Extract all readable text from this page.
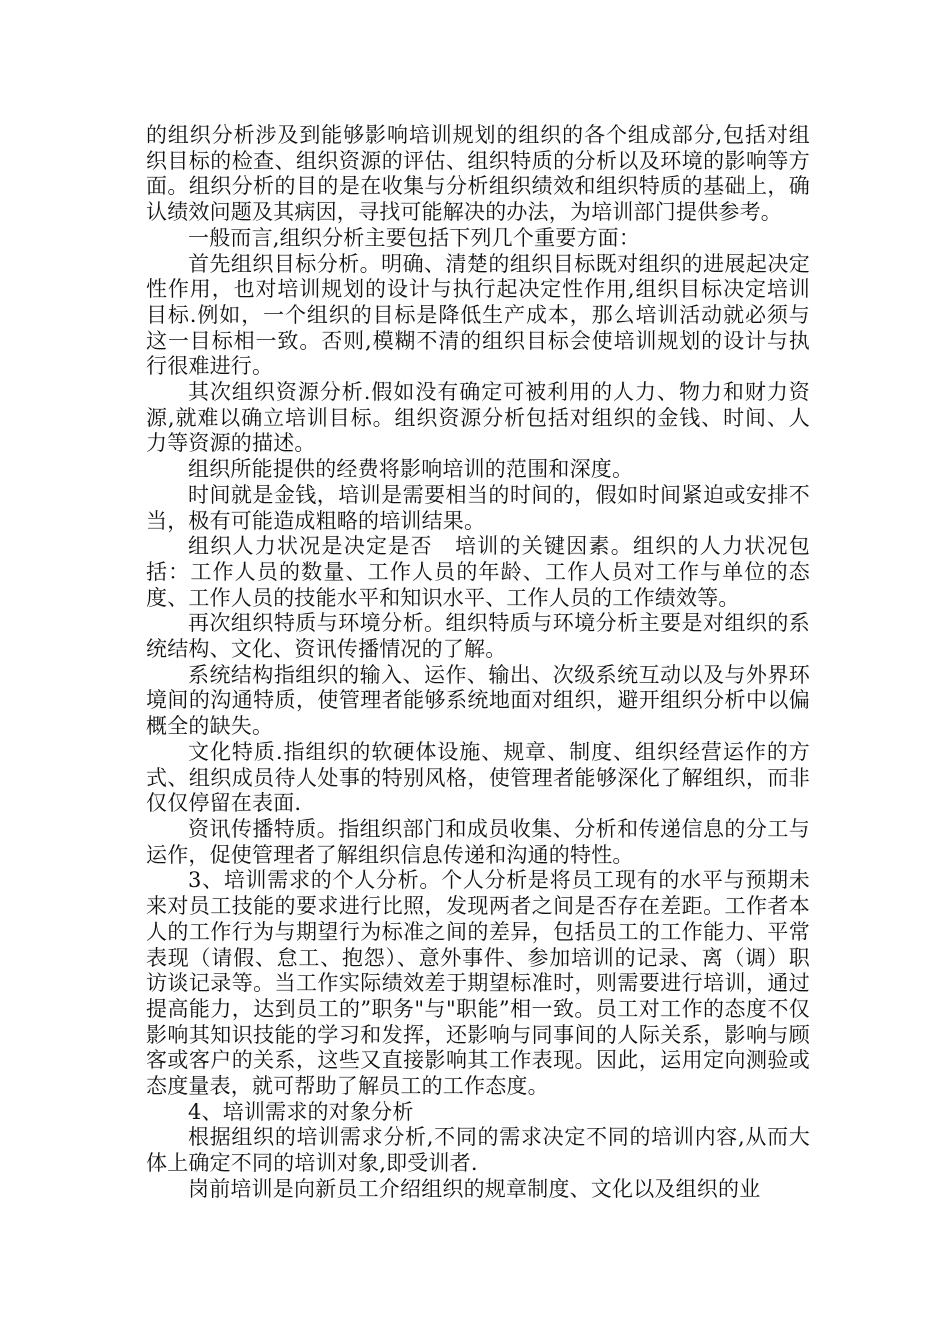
的组织分析涉及到能够影响培训规划的组织的各个组成部分,包括对组织目标的检查、组织资源的评估、组织特质的分析以及环境的影响等方面。组织分析的目的是在收集与分析组织绩效和组织特质的基础上，确认绩效问题及其病因，寻找可能解决的办法，为培训部门提供参考。

一般而言,组织分析主要包括下列几个重要方面：

首先组织目标分析。明确、清楚的组织目标既对组织的进展起决定性作用，也对培训规划的设计与执行起决定性作用,组织目标决定培训目标.例如，一个组织的目标是降低生产成本，那么培训活动就必须与这一目标相一致。否则,模糊不清的组织目标会使培训规划的设计与执行很难进行。

其次组织资源分析.假如没有确定可被利用的人力、物力和财力资源,就难以确立培训目标。组织资源分析包括对组织的金钱、时间、人力等资源的描述。

组织所能提供的经费将影响培训的范围和深度。

时间就是金钱，培训是需要相当的时间的，假如时间紧迫或安排不当，极有可能造成粗略的培训结果。

组织人力状况是决定是否　培训的关键因素。组织的人力状况包括：工作人员的数量、工作人员的年龄、工作人员对工作与单位的态度、工作人员的技能水平和知识水平、工作人员的工作绩效等。

再次组织特质与环境分析。组织特质与环境分析主要是对组织的系统结构、文化、资讯传播情况的了解。

系统结构指组织的输入、运作、输出、次级系统互动以及与外界环境间的沟通特质，使管理者能够系统地面对组织，避开组织分析中以偏概全的缺失。

文化特质.指组织的软硬体设施、规章、制度、组织经营运作的方式、组织成员待人处事的特别风格，使管理者能够深化了解组织，而非仅仅停留在表面.

资讯传播特质。指组织部门和成员收集、分析和传递信息的分工与运作，促使管理者了解组织信息传递和沟通的特性。

3、培训需求的个人分析。个人分析是将员工现有的水平与预期未来对员工技能的要求进行比照，发现两者之间是否存在差距。工作者本人的工作行为与期望行为标准之间的差异，包括员工的工作能力、平常表现（请假、怠工、抱怨）、意外事件、参加培训的记录、离（调）职访谈记录等。当工作实际绩效差于期望标准时，则需要进行培训，通过提高能力，达到员工的”职务"与"职能”相一致。员工对工作的态度不仅影响其知识技能的学习和发挥，还影响与同事间的人际关系，影响与顾客或客户的关系，这些又直接影响其工作表现。因此，运用定向测验或态度量表，就可帮助了解员工的工作态度。

4、培训需求的对象分析

根据组织的培训需求分析,不同的需求决定不同的培训内容,从而大体上确定不同的培训对象,即受训者.

岗前培训是向新员工介绍组织的规章制度、文化以及组织的业
